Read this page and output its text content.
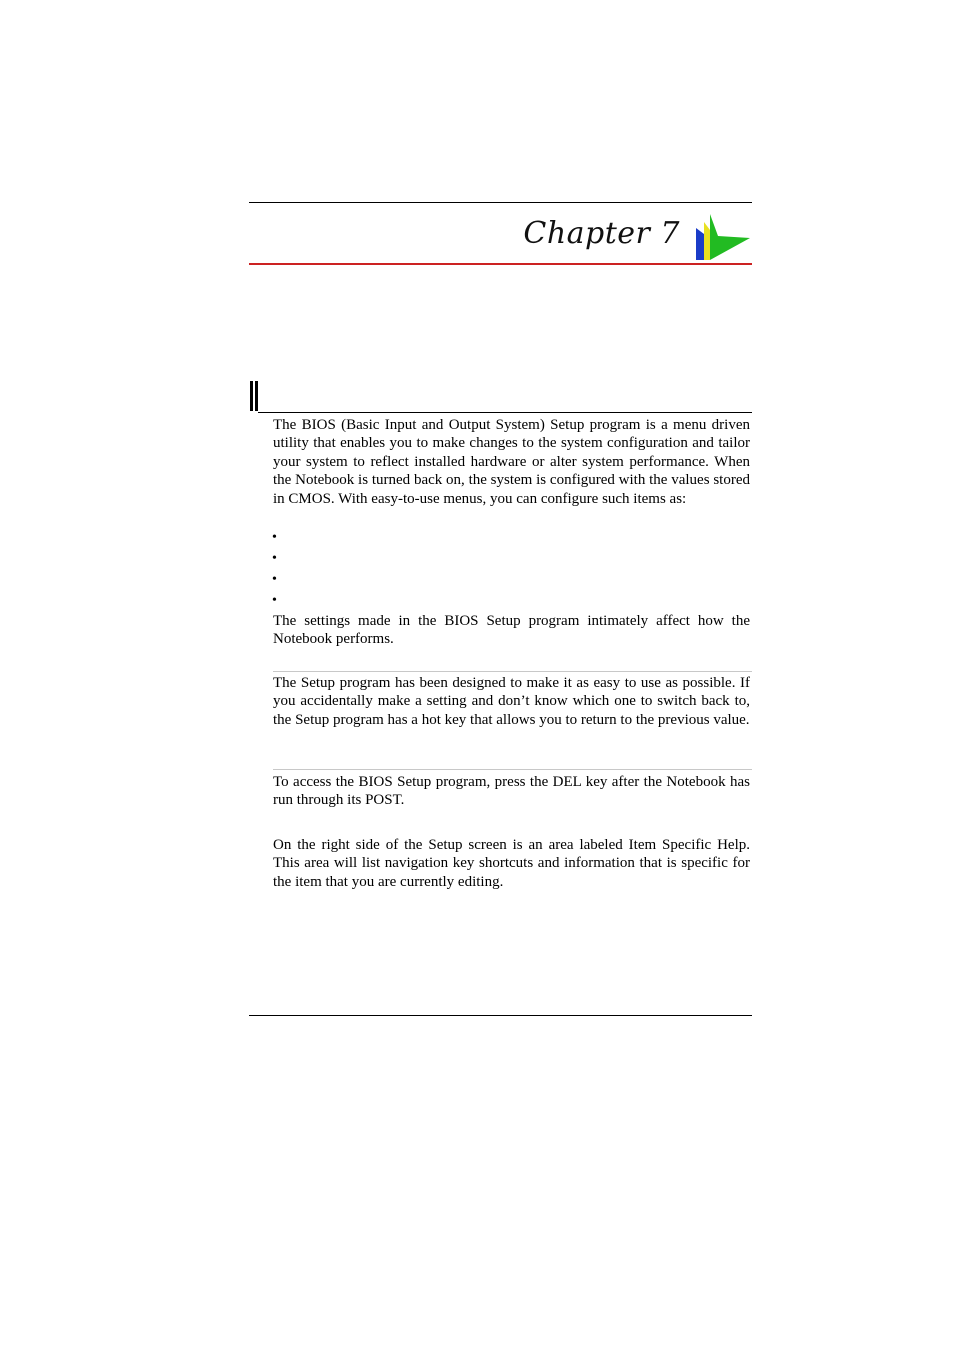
Chapter 7

The BIOS (Basic Input and Output System) Setup program is a menu driven utility that enables you to make changes to the system configuration and tailor your system to reflect installed hardware or alter system performance. When the Notebook is turned back on, the system is configured with the values stored in CMOS. With easy-to-use menus, you can configure such items as:

•
•
•
•

The settings made in the BIOS Setup program intimately affect how the Notebook performs.

The Setup program has been designed to make it as easy to use as possible. If you accidentally make a setting and don’t know which one to switch back to, the Setup program has a hot key that allows you to return to the previous value.

To access the BIOS Setup program, press the DEL key after the Notebook has run through its POST.

On the right side of the Setup screen is an area labeled Item Specific Help. This area will list navigation key shortcuts and information that is specific for the item that you are currently editing.
